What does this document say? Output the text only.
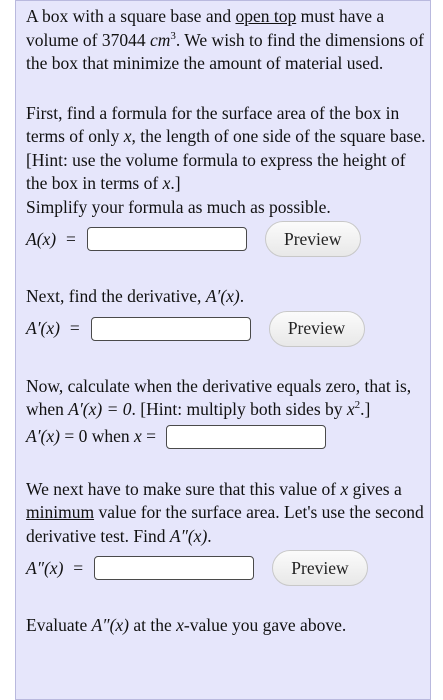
A box with a square base and open top must have a volume of 37044 $cm^3$. We wish to find the dimensions of the box that minimize the amount of material used.

First, find a formula for the surface area of the box in terms of only x, the length of one side of the square base.
[Hint: use the volume formula to express the height of the box in terms of x.]
Simplify your formula as much as possible.

A(x)  =	Preview

Next, find the derivative, A′(x).

A′(x)  =	Preview

Now, calculate when the derivative equals zero, that is, when A′(x) = 0. [Hint: multiply both sides by $x^2$.]

A′(x) = 0 when x =

We next have to make sure that this value of x gives a minimum value for the surface area. Let's use the second derivative test. Find A″(x).

A″(x)  =	Preview

Evaluate A″(x) at the x-value you gave above.
